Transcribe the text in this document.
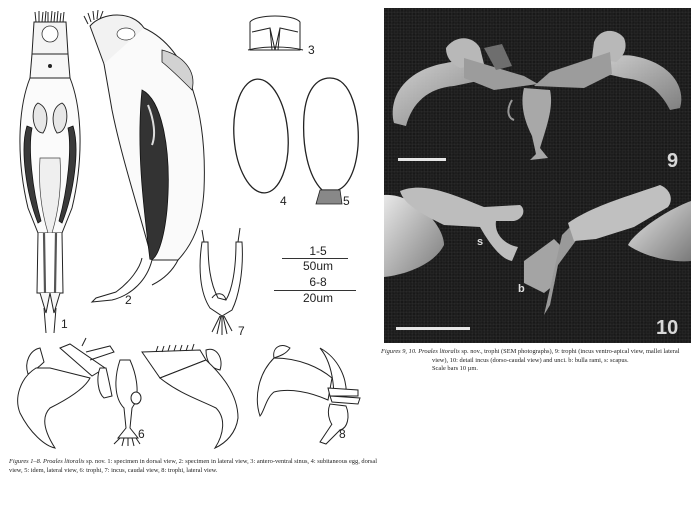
1
2
3
4	5
7
1-5
50um
6-8
20um
6	8
Figures 1–8. Proales litoralis sp. nov. 1: specimen in dorsal view, 2: specimen in lateral view, 3: antero-ventral sinus, 4: subitaneous egg, dorsal view, 5: idem, lateral view, 6: trophi, 7: incus, caudal view, 8: trophi, lateral view.
9
s
b
10
Figures 9, 10. Proales litoralis sp. nov., trophi (SEM photographs), 9: trophi (incus ventro-apical view, mallei lateral view), 10: detail incus (dorso-caudal view) and unci. b: bulla rami, s: scapus.
Scale bars 10 µm.
